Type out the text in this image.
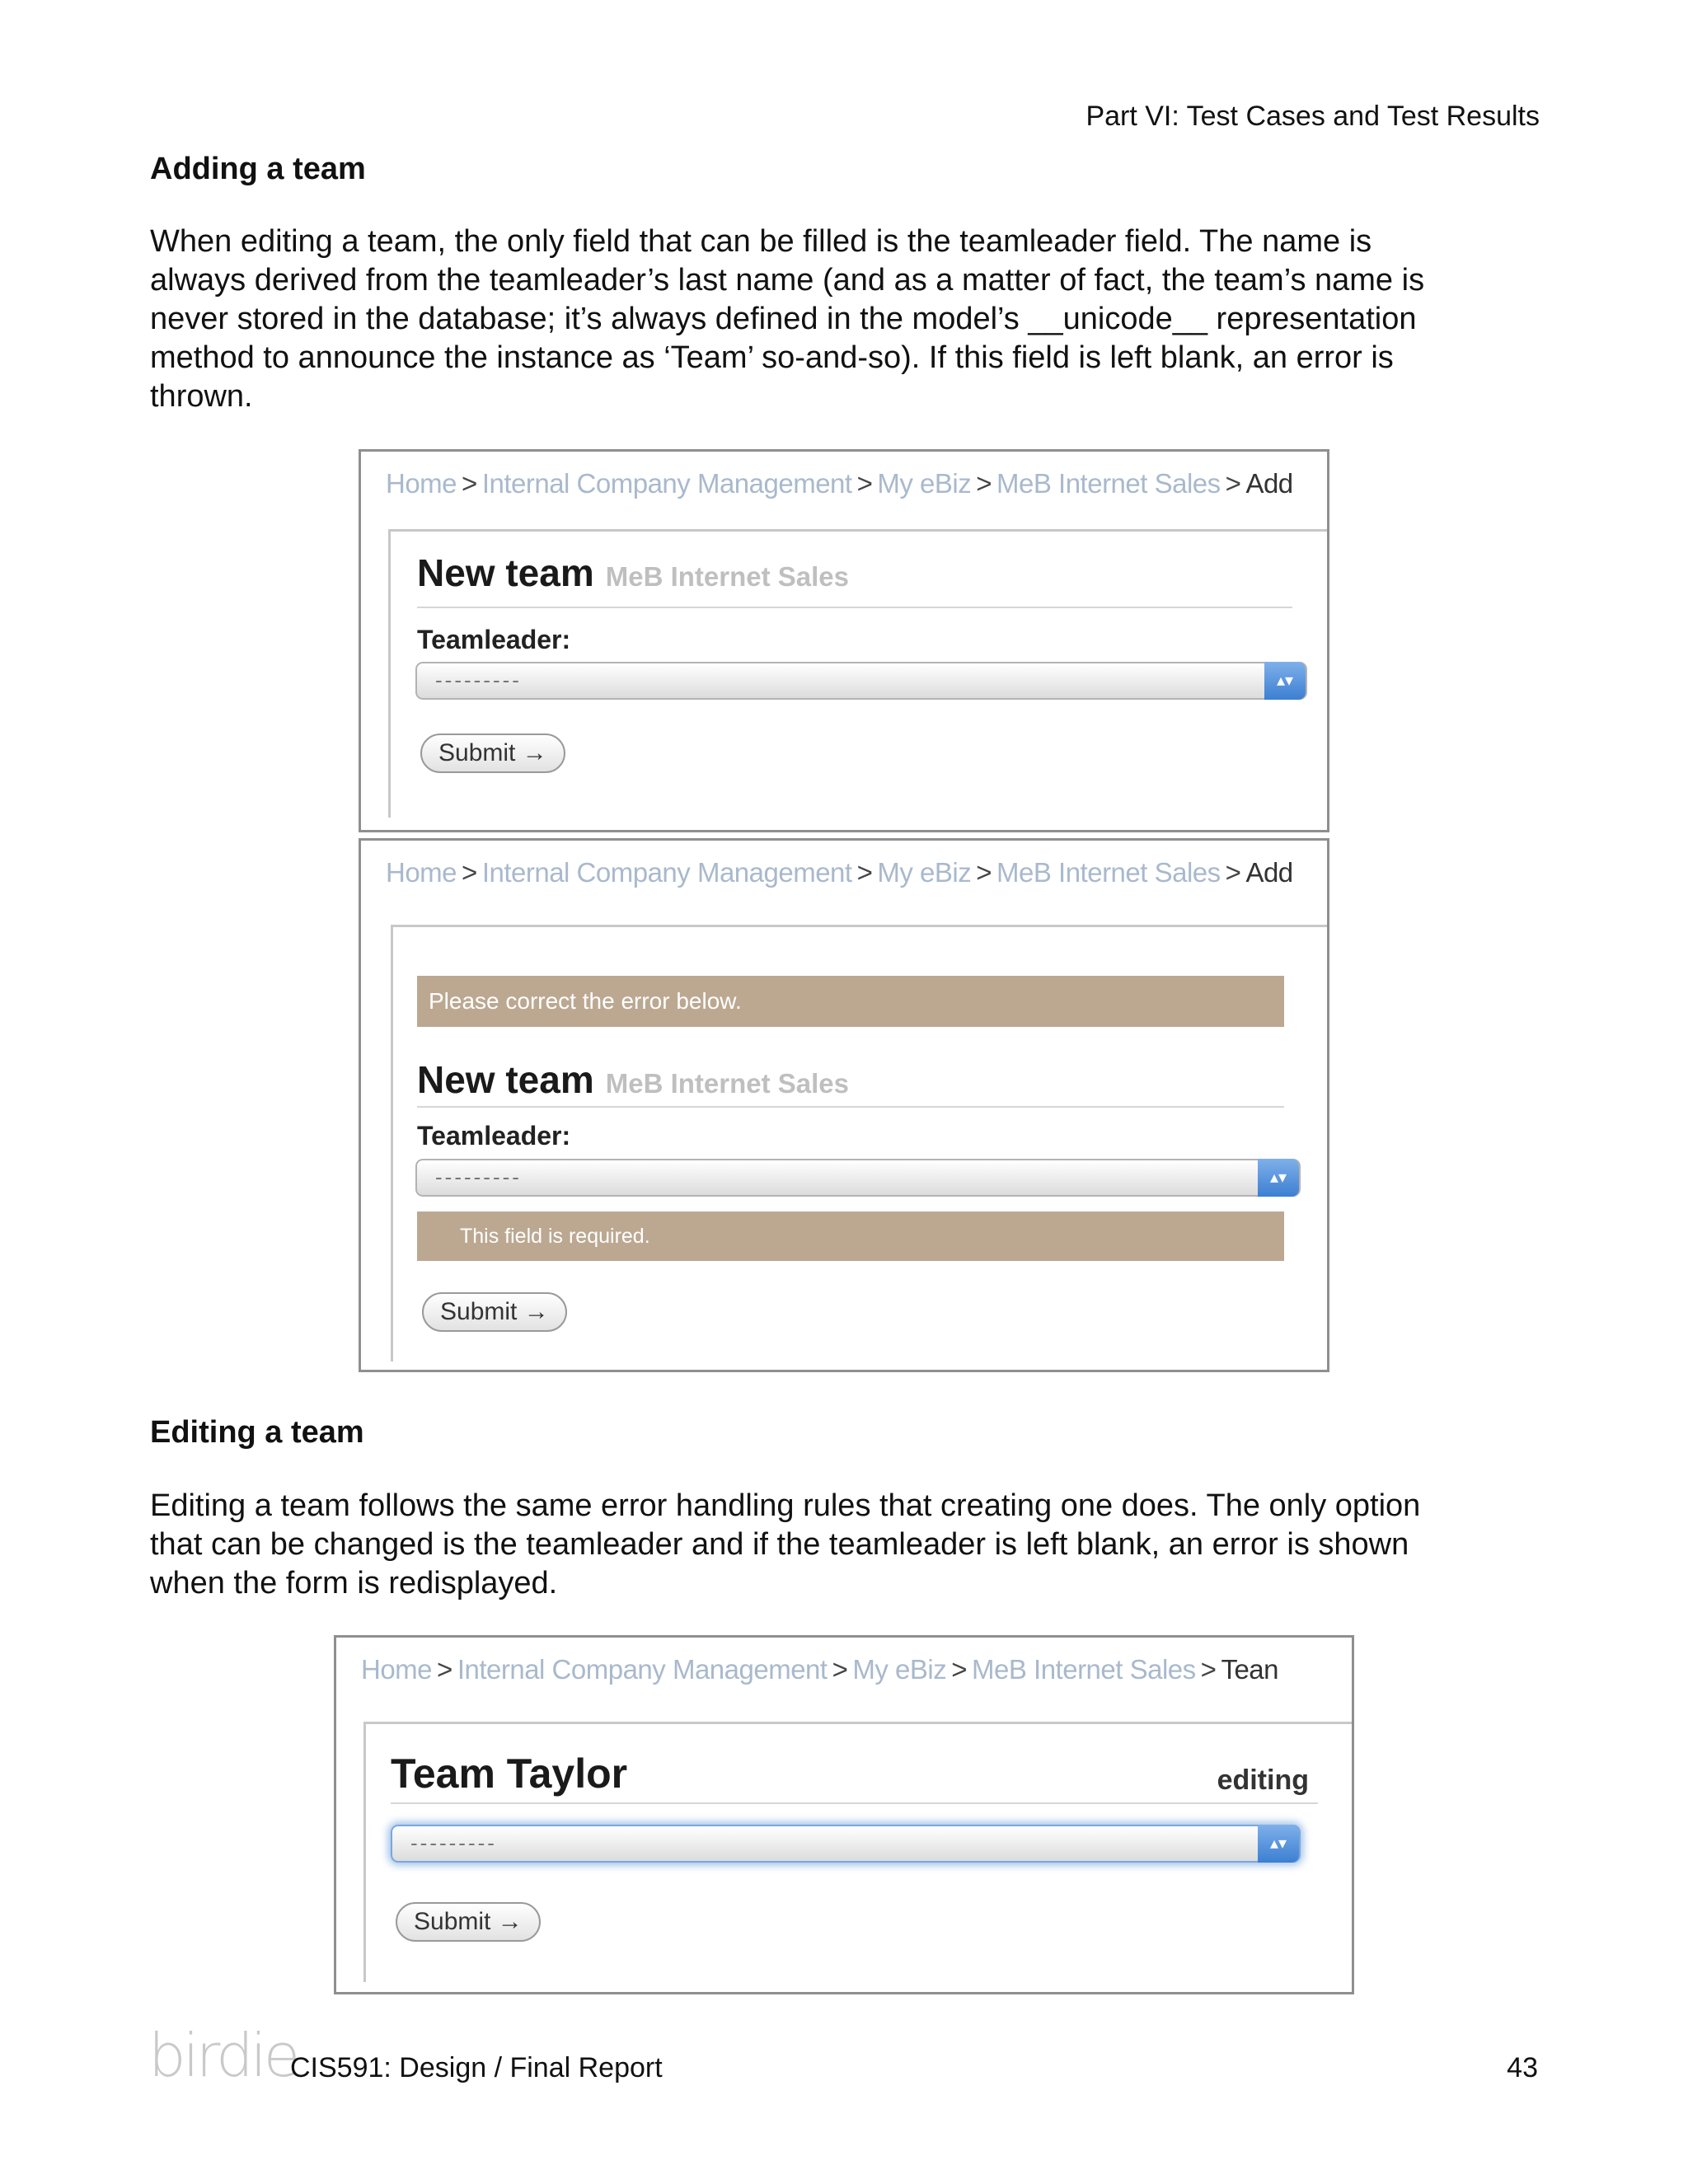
Part VI: Test Cases and Test Results
Adding a team
When editing a team, the only field that can be filled is the teamleader field. The name is
always derived from the teamleader’s last name (and as a matter of fact, the team’s name is
never stored in the database; it’s always defined in the model’s __unicode__ representation
method to announce the instance as ‘Team’ so-and-so). If this field is left blank, an error is
thrown.
Home > Internal Company Management > My eBiz > MeB Internet Sales > Add
New team MeB Internet Sales
Teamleader:
---------	▴▾
Submit →
Home > Internal Company Management > My eBiz > MeB Internet Sales > Add
Please correct the error below.
New team MeB Internet Sales
Teamleader:
---------	▴▾
This field is required.
Submit →
Editing a team
Editing a team follows the same error handling rules that creating one does. The only option
that can be changed is the teamleader and if the teamleader is left blank, an error is shown
when the form is redisplayed.
Home > Internal Company Management > My eBiz > MeB Internet Sales > Tean
Team Taylor	editing
---------	▴▾
Submit →
birdie
CIS591: Design / Final Report	43
